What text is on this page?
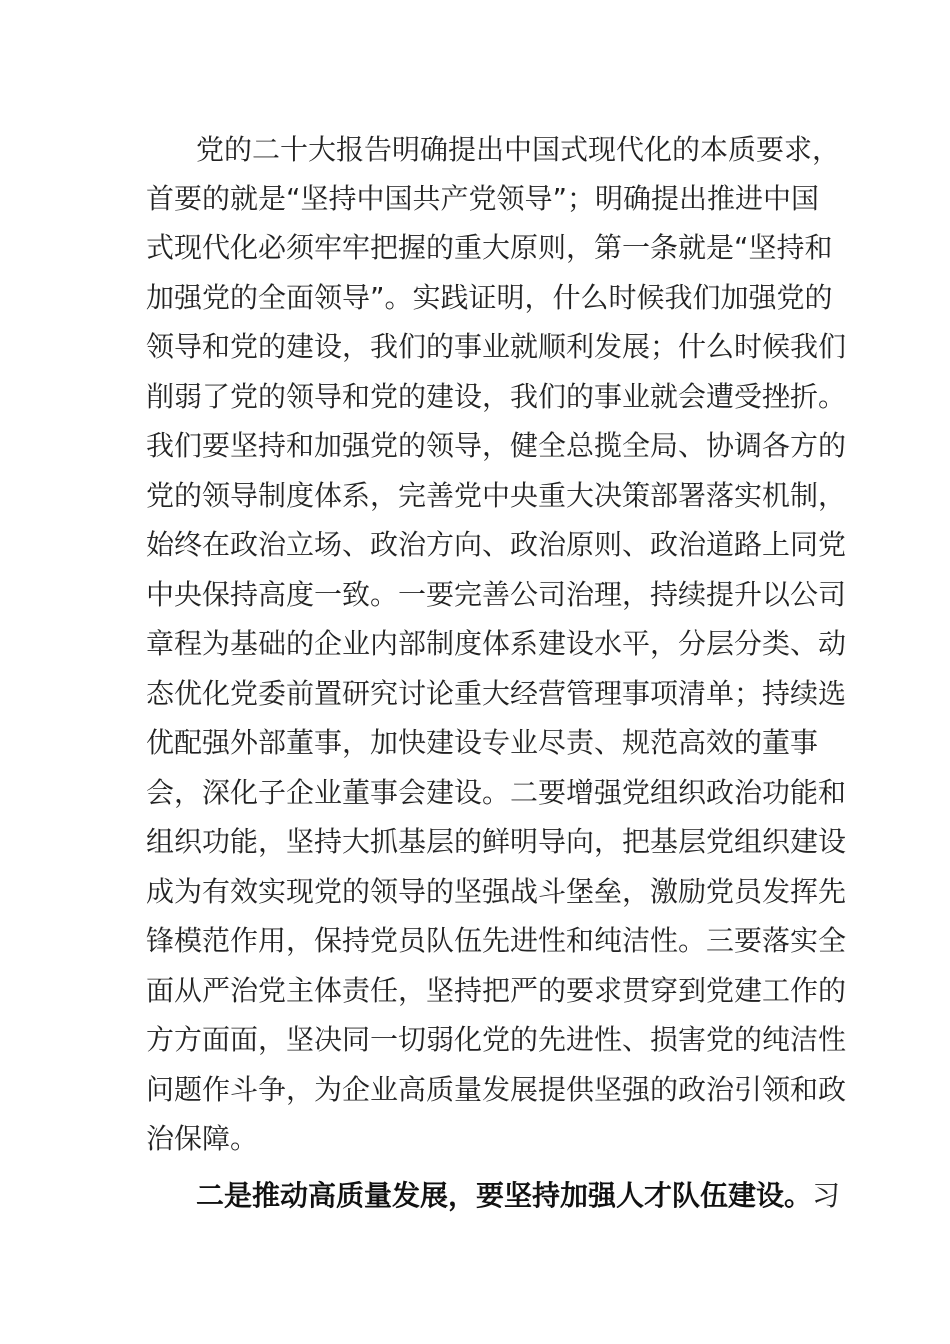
党的二十大报告明确提出中国式现代化的本质要求，
首要的就是“坚持中国共产党领导”；明确提出推进中国
式现代化必须牢牢把握的重大原则，第一条就是“坚持和
加强党的全面领导”。实践证明，什么时候我们加强党的
领导和党的建设，我们的事业就顺利发展；什么时候我们
削弱了党的领导和党的建设，我们的事业就会遭受挫折。
我们要坚持和加强党的领导，健全总揽全局、协调各方的
党的领导制度体系，完善党中央重大决策部署落实机制，
始终在政治立场、政治方向、政治原则、政治道路上同党
中央保持高度一致。一要完善公司治理，持续提升以公司
章程为基础的企业内部制度体系建设水平，分层分类、动
态优化党委前置研究讨论重大经营管理事项清单；持续选
优配强外部董事，加快建设专业尽责、规范高效的董事
会，深化子企业董事会建设。二要增强党组织政治功能和
组织功能，坚持大抓基层的鲜明导向，把基层党组织建设
成为有效实现党的领导的坚强战斗堡垒，激励党员发挥先
锋模范作用，保持党员队伍先进性和纯洁性。三要落实全
面从严治党主体责任，坚持把严的要求贯穿到党建工作的
方方面面，坚决同一切弱化党的先进性、损害党的纯洁性
问题作斗争，为企业高质量发展提供坚强的政治引领和政
治保障。
二是推动高质量发展，要坚持加强人才队伍建设。习
